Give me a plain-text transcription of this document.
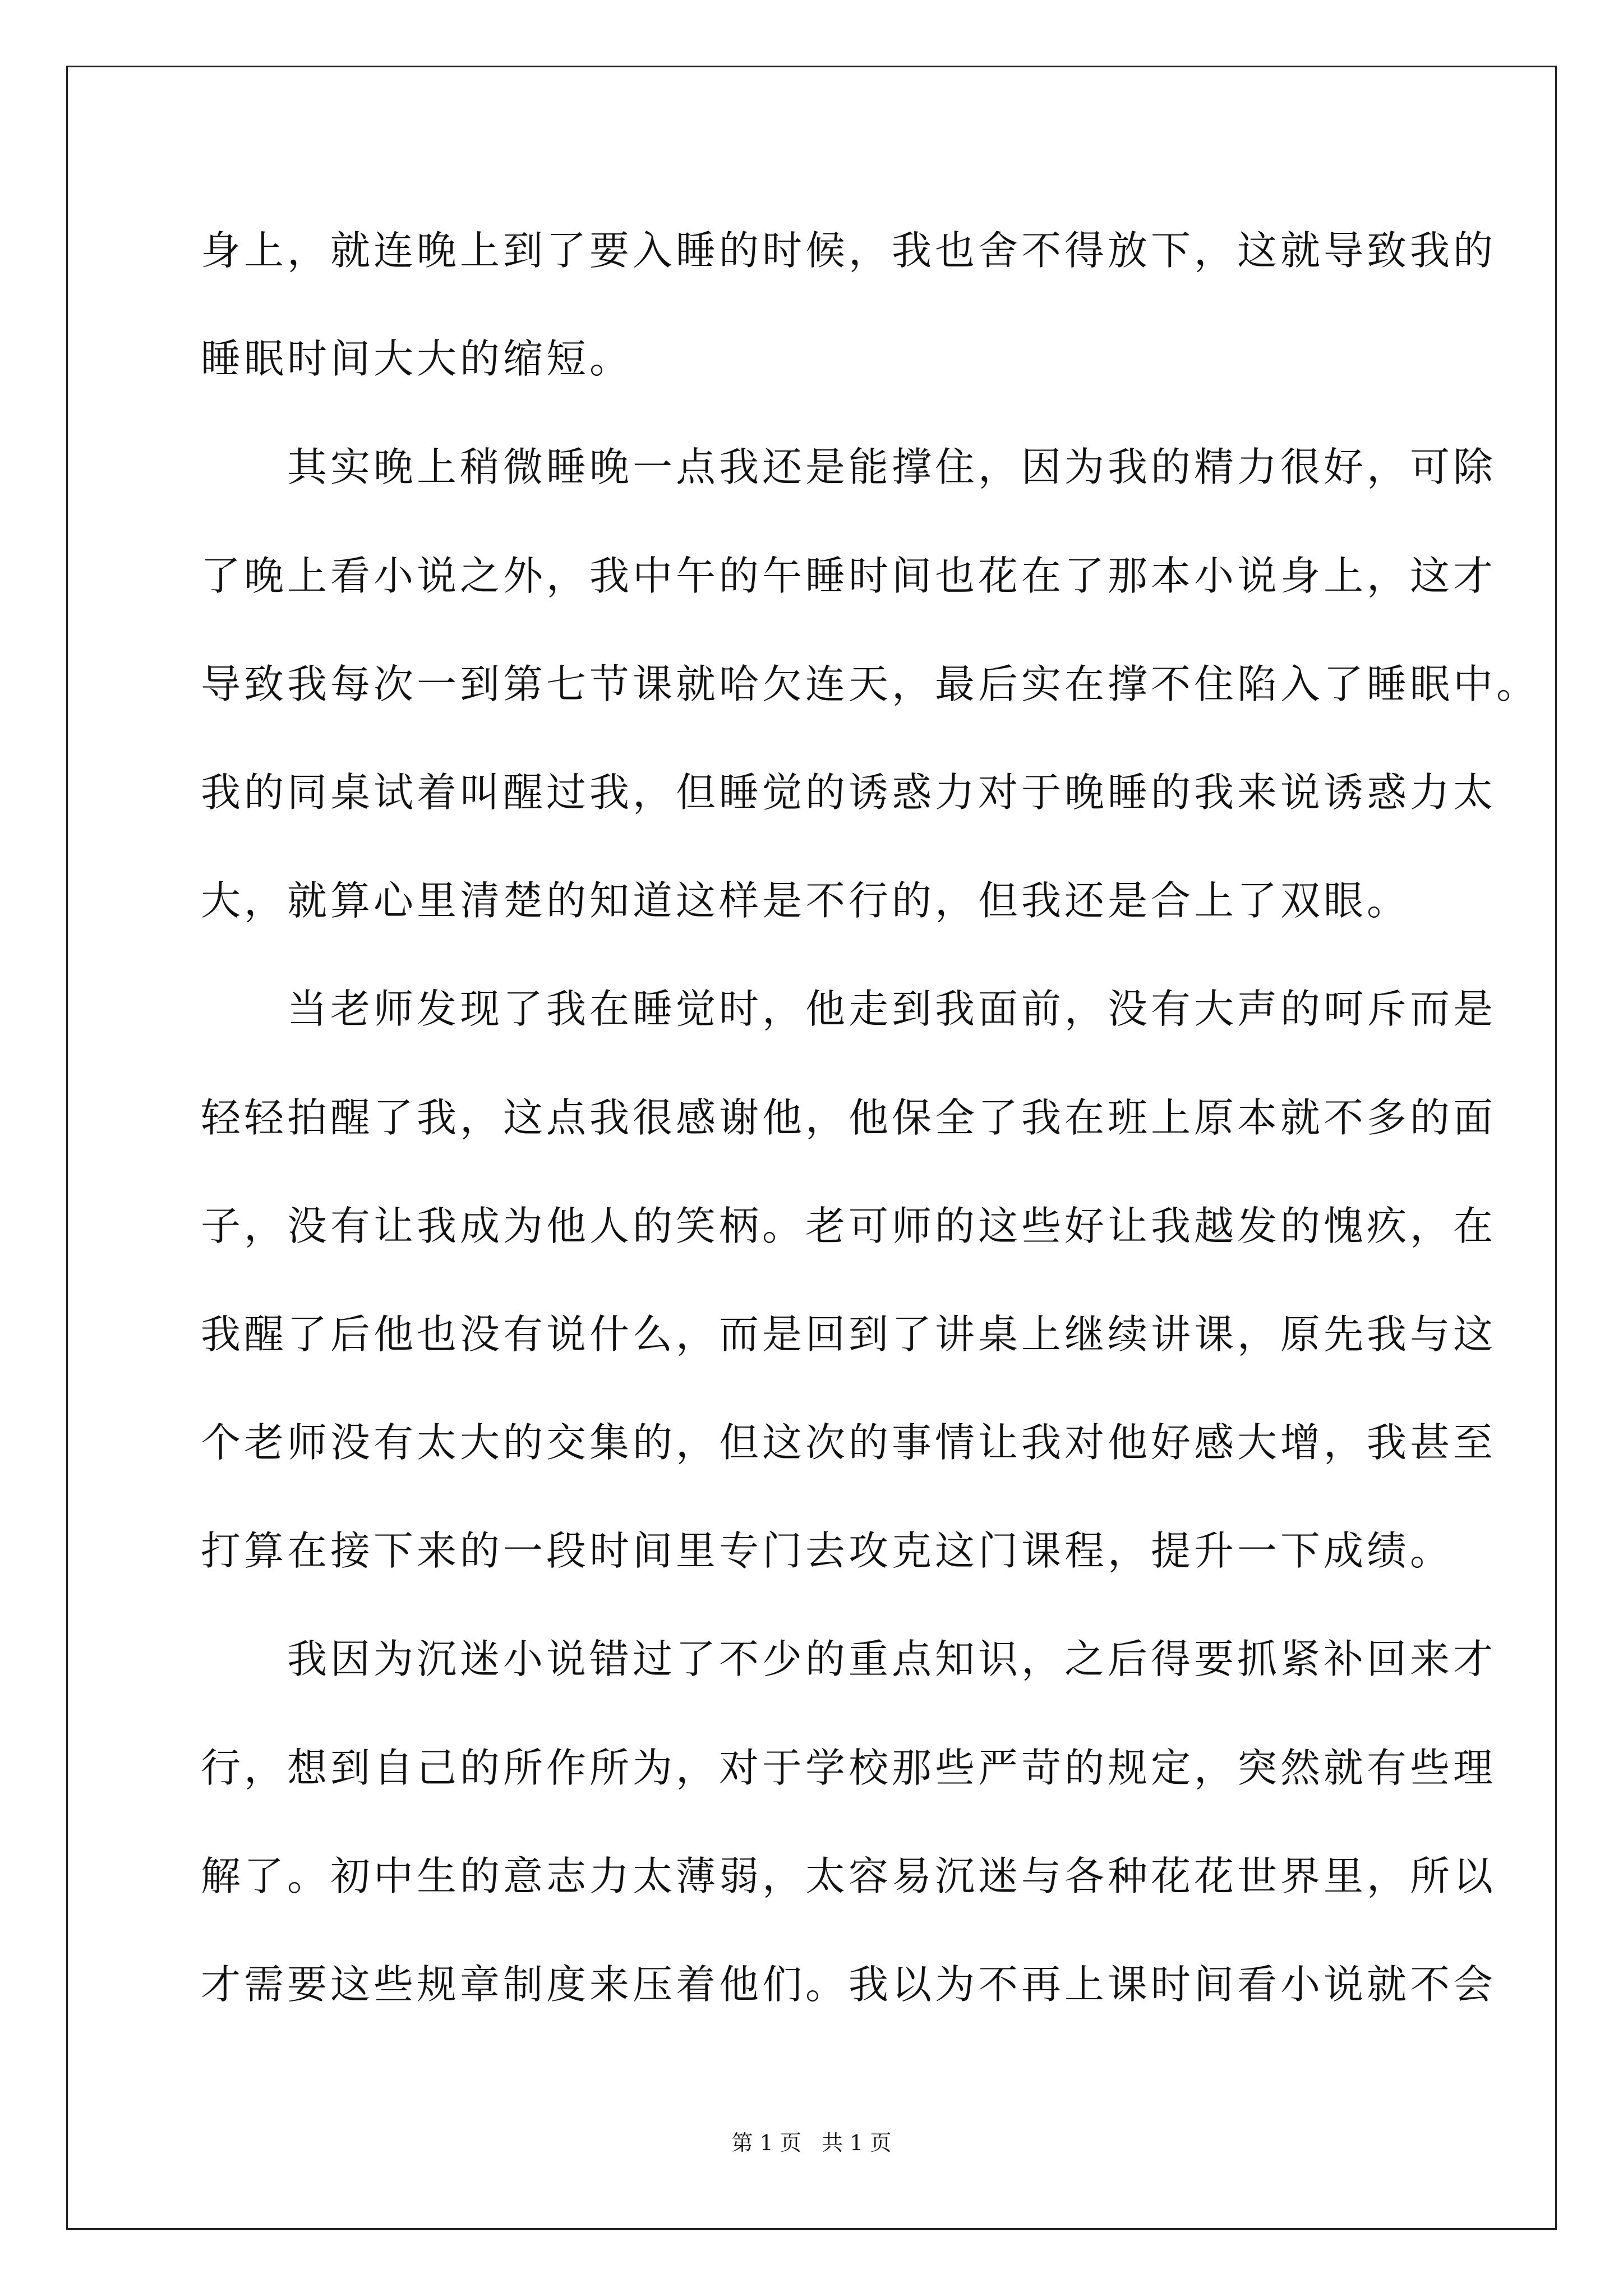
身上，就连晚上到了要入睡的时候，我也舍不得放下，这就导致我的
睡眠时间大大的缩短。
其实晚上稍微睡晚一点我还是能撑住，因为我的精力很好，可除
了晚上看小说之外，我中午的午睡时间也花在了那本小说身上，这才
导致我每次一到第七节课就哈欠连天，最后实在撑不住陷入了睡眠中。
我的同桌试着叫醒过我，但睡觉的诱惑力对于晚睡的我来说诱惑力太
大，就算心里清楚的知道这样是不行的，但我还是合上了双眼。
当老师发现了我在睡觉时，他走到我面前，没有大声的呵斥而是
轻轻拍醒了我，这点我很感谢他，他保全了我在班上原本就不多的面
子，没有让我成为他人的笑柄。老可师的这些好让我越发的愧疚，在
我醒了后他也没有说什么，而是回到了讲桌上继续讲课，原先我与这
个老师没有太大的交集的，但这次的事情让我对他好感大增，我甚至
打算在接下来的一段时间里专门去攻克这门课程，提升一下成绩。
我因为沉迷小说错过了不少的重点知识，之后得要抓紧补回来才
行，想到自己的所作所为，对于学校那些严苛的规定，突然就有些理
解了。初中生的意志力太薄弱，太容易沉迷与各种花花世界里，所以
才需要这些规章制度来压着他们。我以为不再上课时间看小说就不会
第 1 页   共 1 页
